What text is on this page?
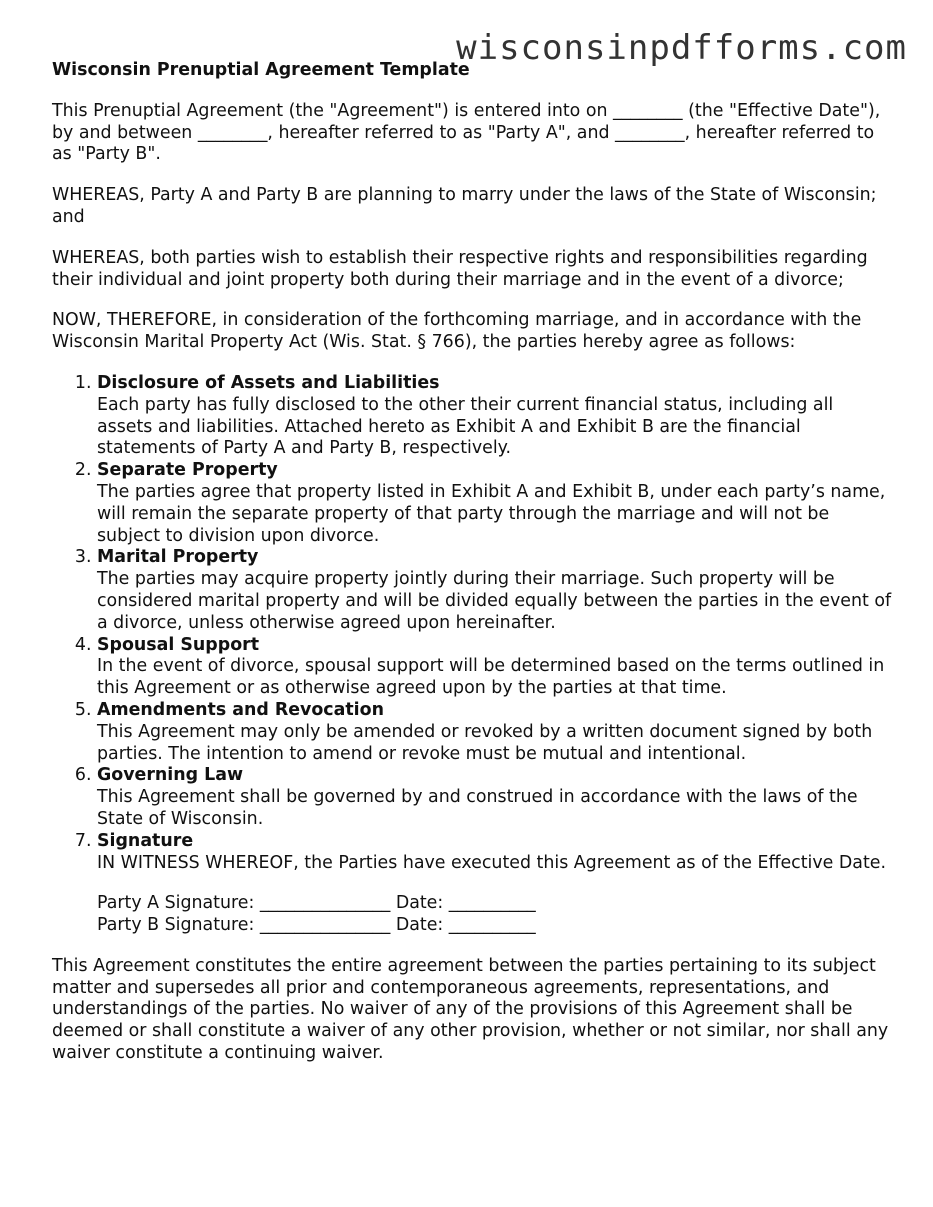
wisconsinpdfforms.com
Wisconsin Prenuptial Agreement Template

This Prenuptial Agreement (the "Agreement") is entered into on ________ (the "Effective Date"), by and between ________, hereafter referred to as "Party A", and ________, hereafter referred to as "Party B".

WHEREAS, Party A and Party B are planning to marry under the laws of the State of Wisconsin; and

WHEREAS, both parties wish to establish their respective rights and responsibilities regarding their individual and joint property both during their marriage and in the event of a divorce;

NOW, THEREFORE, in consideration of the forthcoming marriage, and in accordance with the Wisconsin Marital Property Act (Wis. Stat. § 766), the parties hereby agree as follows:

1. Disclosure of Assets and Liabilities
Each party has fully disclosed to the other their current financial status, including all assets and liabilities. Attached hereto as Exhibit A and Exhibit B are the financial statements of Party A and Party B, respectively.
2. Separate Property
The parties agree that property listed in Exhibit A and Exhibit B, under each party’s name, will remain the separate property of that party through the marriage and will not be subject to division upon divorce.
3. Marital Property
The parties may acquire property jointly during their marriage. Such property will be considered marital property and will be divided equally between the parties in the event of a divorce, unless otherwise agreed upon hereinafter.
4. Spousal Support
In the event of divorce, spousal support will be determined based on the terms outlined in this Agreement or as otherwise agreed upon by the parties at that time.
5. Amendments and Revocation
This Agreement may only be amended or revoked by a written document signed by both parties. The intention to amend or revoke must be mutual and intentional.
6. Governing Law
This Agreement shall be governed by and construed in accordance with the laws of the State of Wisconsin.
7. Signature
IN WITNESS WHEREOF, the Parties have executed this Agreement as of the Effective Date.
Party A Signature: _______________ Date: __________
Party B Signature: _______________ Date: __________

This Agreement constitutes the entire agreement between the parties pertaining to its subject matter and supersedes all prior and contemporaneous agreements, representations, and understandings of the parties. No waiver of any of the provisions of this Agreement shall be deemed or shall constitute a waiver of any other provision, whether or not similar, nor shall any waiver constitute a continuing waiver.
